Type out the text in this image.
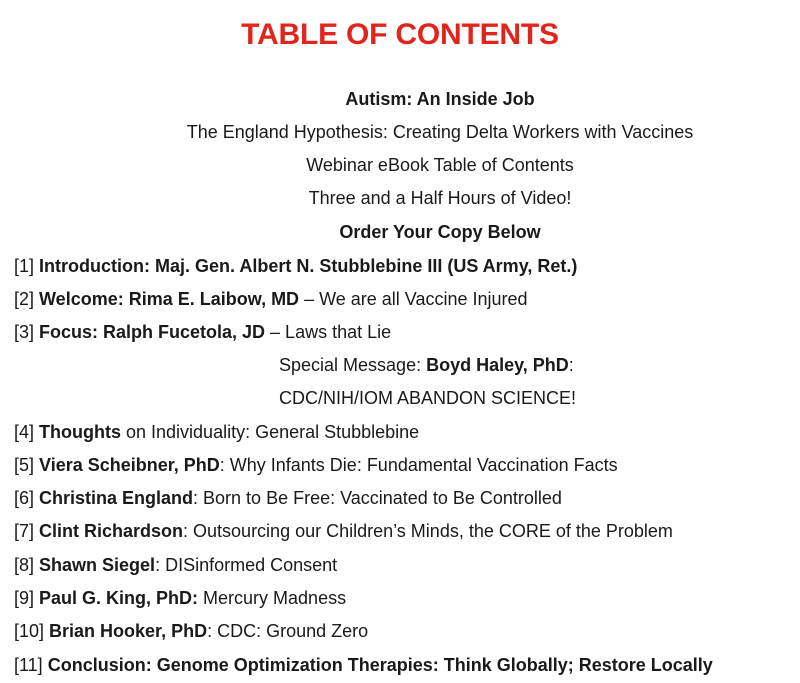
TABLE OF CONTENTS
Autism: An Inside Job
The England Hypothesis: Creating Delta Workers with Vaccines
Webinar eBook Table of Contents
Three and a Half Hours of Video!
Order Your Copy Below
[1] Introduction: Maj. Gen. Albert N. Stubblebine III (US Army, Ret.)
[2] Welcome: Rima E. Laibow, MD – We are all Vaccine Injured
[3] Focus: Ralph Fucetola, JD – Laws that Lie
Special Message: Boyd Haley, PhD:
CDC/NIH/IOM ABANDON SCIENCE!
[4] Thoughts on Individuality: General Stubblebine
[5] Viera Scheibner, PhD: Why Infants Die: Fundamental Vaccination Facts
[6] Christina England: Born to Be Free: Vaccinated to Be Controlled
[7] Clint Richardson: Outsourcing our Children’s Minds, the CORE of the Problem
[8] Shawn Siegel: DISinformed Consent
[9] Paul G. King, PhD: Mercury Madness
[10] Brian Hooker, PhD: CDC: Ground Zero
[11] Conclusion: Genome Optimization Therapies: Think Globally; Restore Locally
